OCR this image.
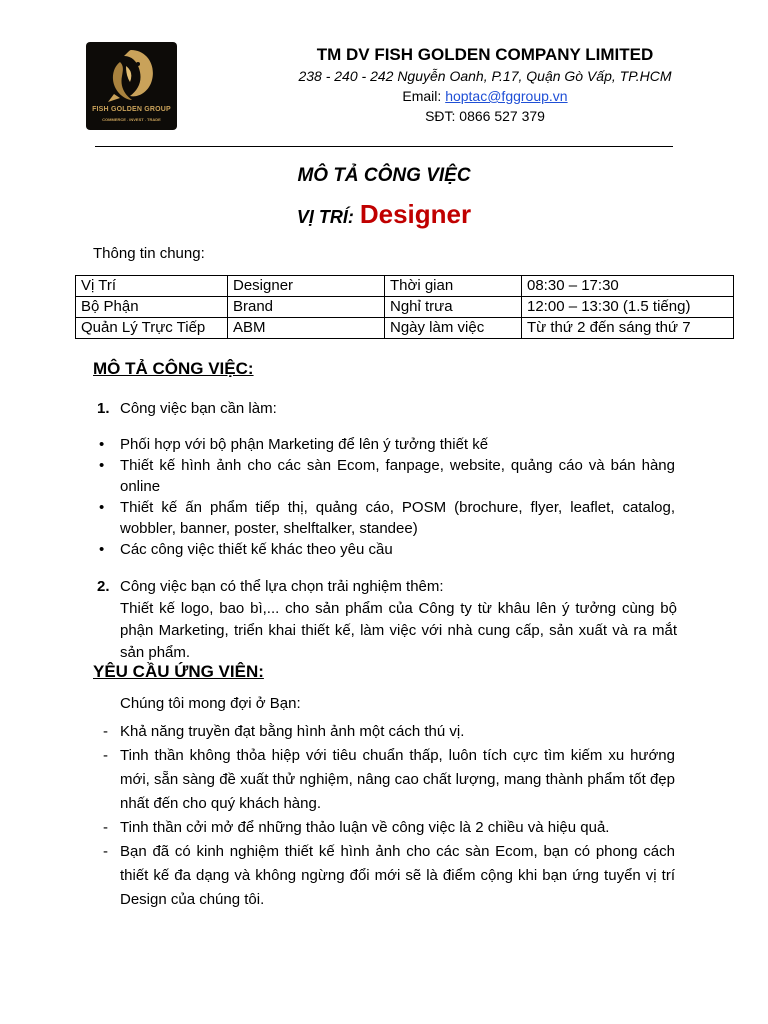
FISH GOLDEN GROUP
COMMERCE . INVEST . TRADE
TM DV FISH GOLDEN COMPANY LIMITED
238 - 240 - 242 Nguyễn Oanh, P.17, Quận Gò Vấp, TP.HCM
Email: hoptac@fggroup.vn
SĐT: 0866 527 379
MÔ TẢ CÔNG VIỆC
VỊ TRÍ: Designer
Thông tin chung:
Vị Trí	Designer	Thời gian	08:30 – 17:30
Bộ Phận	Brand	Nghỉ trưa	12:00 – 13:30 (1.5 tiếng)
Quản Lý Trực Tiếp	ABM	Ngày làm việc	Từ thứ 2 đến sáng thứ 7
MÔ TẢ CÔNG VIỆC:
1. Công việc bạn cần làm:
• Phối hợp với bộ phận Marketing để lên ý tưởng thiết kế
• Thiết kế hình ảnh cho các sàn Ecom, fanpage, website, quảng cáo và bán hàng online
• Thiết kế ấn phẩm tiếp thị, quảng cáo, POSM (brochure, flyer, leaflet, catalog, wobbler, banner, poster, shelftalker, standee)
• Các công việc thiết kế khác theo yêu cầu
2. Công việc bạn có thể lựa chọn trải nghiệm thêm:
Thiết kế logo, bao bì,... cho sản phẩm của Công ty từ khâu lên ý tưởng cùng bộ phận Marketing, triển khai thiết kế, làm việc với nhà cung cấp, sản xuất và ra mắt sản phẩm.
YÊU CẦU ỨNG VIÊN:
Chúng tôi mong đợi ở Bạn:
- Khả năng truyền đạt bằng hình ảnh một cách thú vị.
- Tinh thần không thỏa hiệp với tiêu chuẩn thấp, luôn tích cực tìm kiếm xu hướng mới, sẵn sàng đề xuất thử nghiệm, nâng cao chất lượng, mang thành phẩm tốt đẹp nhất đến cho quý khách hàng.
- Tinh thần cởi mở để những thảo luận về công việc là 2 chiều và hiệu quả.
- Bạn đã có kinh nghiệm thiết kế hình ảnh cho các sàn Ecom, bạn có phong cách thiết kế đa dạng và không ngừng đổi mới sẽ là điểm cộng khi bạn ứng tuyển vị trí Design của chúng tôi.
